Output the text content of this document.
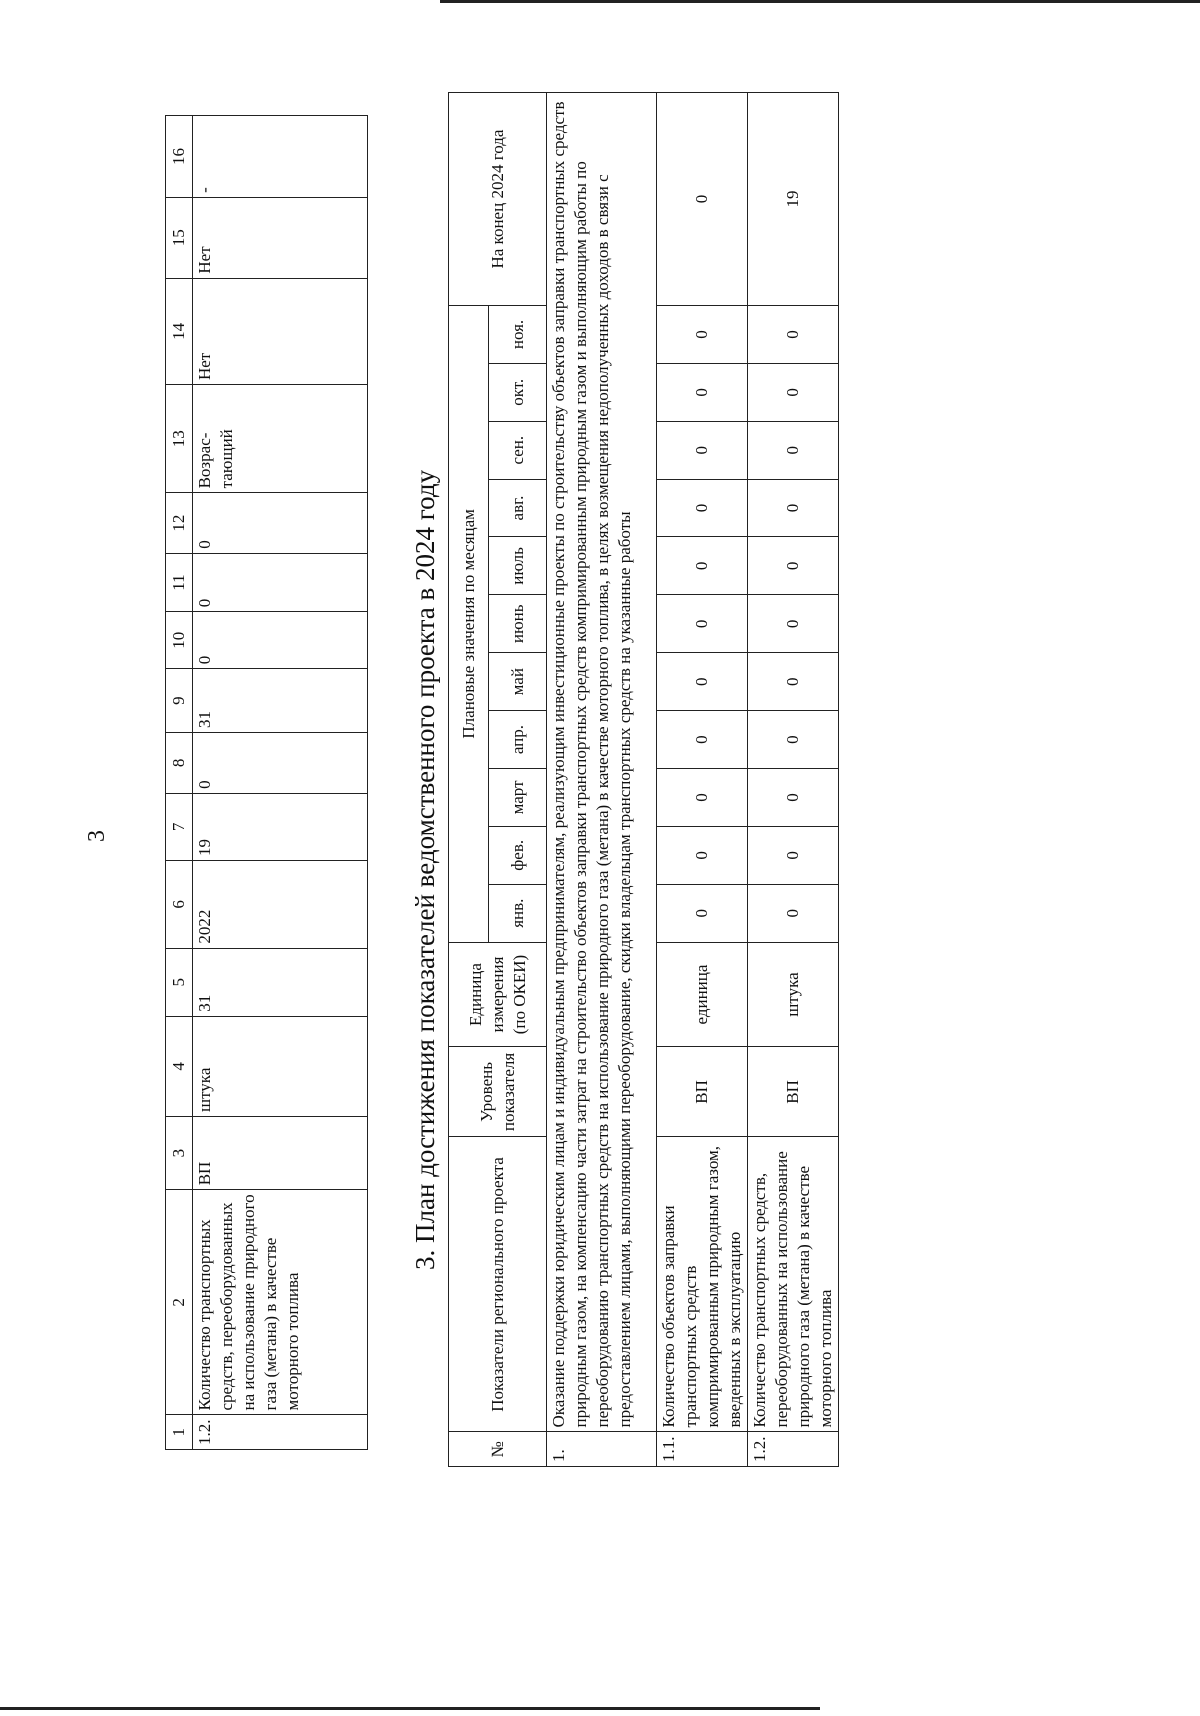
3
1	2	3	4	5	6	7	8	9	10	11	12	13	14	15	16
1.2.	Количество транспортных средств, переоборудованных на использование природного газа (метана) в качестве моторного топлива	ВП	штука	31	2022	19	0	31	0	0	0	Возрас-тающий	Нет	Нет	-
3. План достижения показателей ведомственного проекта в 2024 году
№	Показатели регионального проекта	Уровень показателя	Единица измерения (по ОКЕИ)	Плановые значения по месяцам											На конец 2024 года
				янв.	фев.	март	апр.	май	июнь	июль	авг.	сен.	окт.	ноя.	
1.	Оказание поддержки юридическим лицам и индивидуальным предпринимателям, реализующим инвестиционные проекты по строительству объектов заправки транспортных средств природным газом, на компенсацию части затрат на строительство объектов заправки транспортных средств компримированным природным газом и выполняющим работы по переоборудованию транспортных средств на использование природного газа (метана) в качестве моторного топлива, в целях возмещения недополученных доходов в связи с предоставлением лицами, выполняющими переоборудование, скидки владельцам транспортных средств на указанные работы														
1.1.	Количество объектов заправки транспортных средств компримированным природным газом, введенных в эксплуатацию	ВП	единица	0	0	0	0	0	0	0	0	0	0	0	0
1.2.	Количество транспортных средств, переоборудованных на использование природного газа (метана) в качестве моторного топлива	ВП	штука	0	0	0	0	0	0	0	0	0	0	0	19
